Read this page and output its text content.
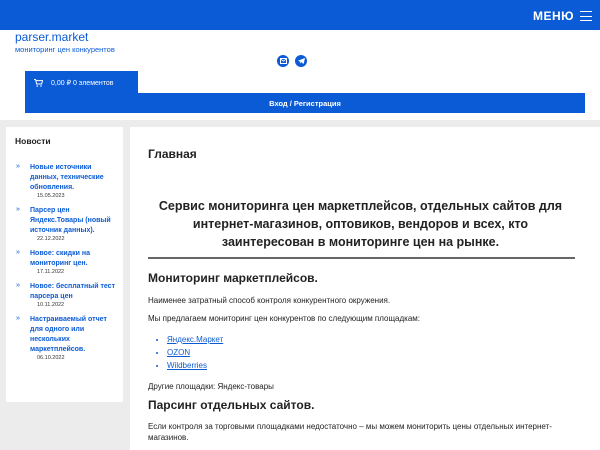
МЕНЮ
parser.market
мониторинг цен конкурентов
0,00 ₽ 0 элементов
Вход / Регистрация
Новости
» Новые источники данных, технические обновления.
15.05.2023
» Парсер цен Яндекс.Товары (новый источник данных).
22.12.2022
» Новое: скидки на мониторинг цен.
17.11.2022
» Новое: бесплатный тест парсера цен
10.11.2022
» Настраиваемый отчет для одного или нескольких маркетплейсов.
06.10.2022
Главная
Сервис мониторинга цен маркетплейсов, отдельных сайтов для интернет-магазинов, оптовиков, вендоров и всех, кто заинтересован в мониторинге цен на рынке.
Мониторинг маркетплейсов.
Наименее затратный способ контроля конкурентного окружения.
Мы предлагаем мониторинг цен конкурентов по следующим площадкам:
• Яндекс.Маркет
• OZON
• Wildberries
Другие площадки: Яндекс-товары
Парсинг отдельных сайтов.
Если контроля за торговыми площадками недостаточно – мы можем мониторить цены отдельных интернет-магазинов.
